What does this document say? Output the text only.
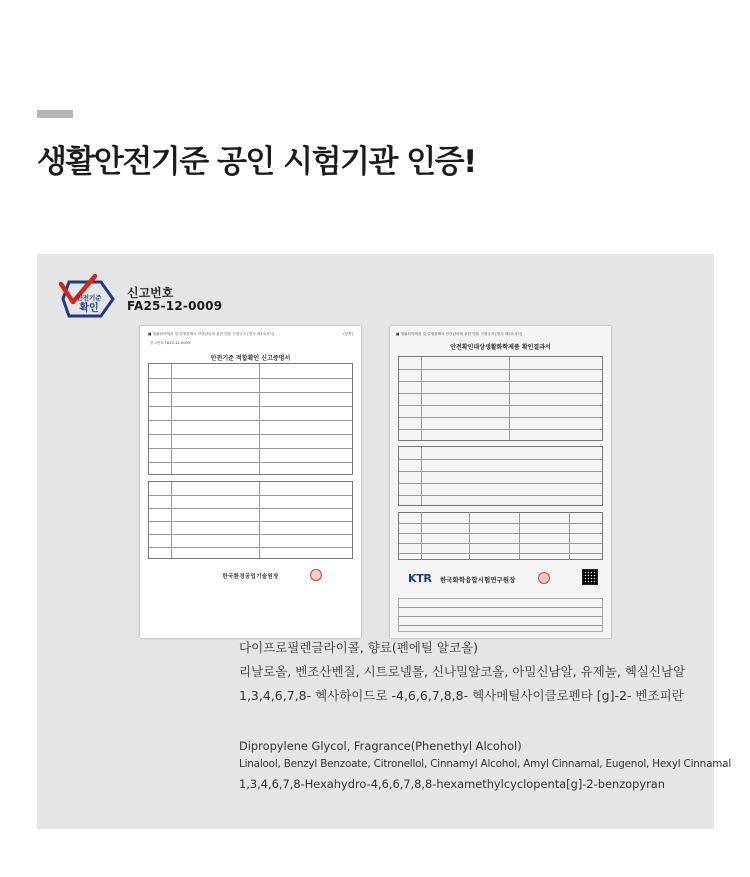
생활안전기준 공인 시험기관 인증!
안전기준
확인
신고번호
FA25-12-0009
■ 생활화학제품 및 살생물제의 안전관리에 관한 법률 시행규칙 [별지 제4호서식]	(앞쪽)
신고번호 FA25-12-0009
안전기준 적합확인 신고증명서
한국환경공업기술원장
■ 생활화학제품 및 살생물제의 안전관리에 관한 법률 시행규칙 [별지 제5호서식]
안전확인대상생활화학제품 확인결과서
KTR 한국화학융합시험연구원장
다이프로필렌글라이콜, 향료(펜에틸 알코올)
리날로올, 벤조산벤질, 시트로넬롤, 신나밀알코올, 아밀신남알, 유제놀, 헥실신남알
1,3,4,6,7,8- 헥사하이드로 -4,6,6,7,8,8- 헥사메틸사이클로펜타 [g]-2- 벤조피란
Dipropylene Glycol, Fragrance(Phenethyl Alcohol)
Linalool, Benzyl Benzoate, Citronellol, Cinnamyl Alcohol, Amyl Cinnamal, Eugenol, Hexyl Cinnamal
1,3,4,6,7,8-Hexahydro-4,6,6,7,8,8-hexamethylcyclopenta[g]-2-benzopyran
